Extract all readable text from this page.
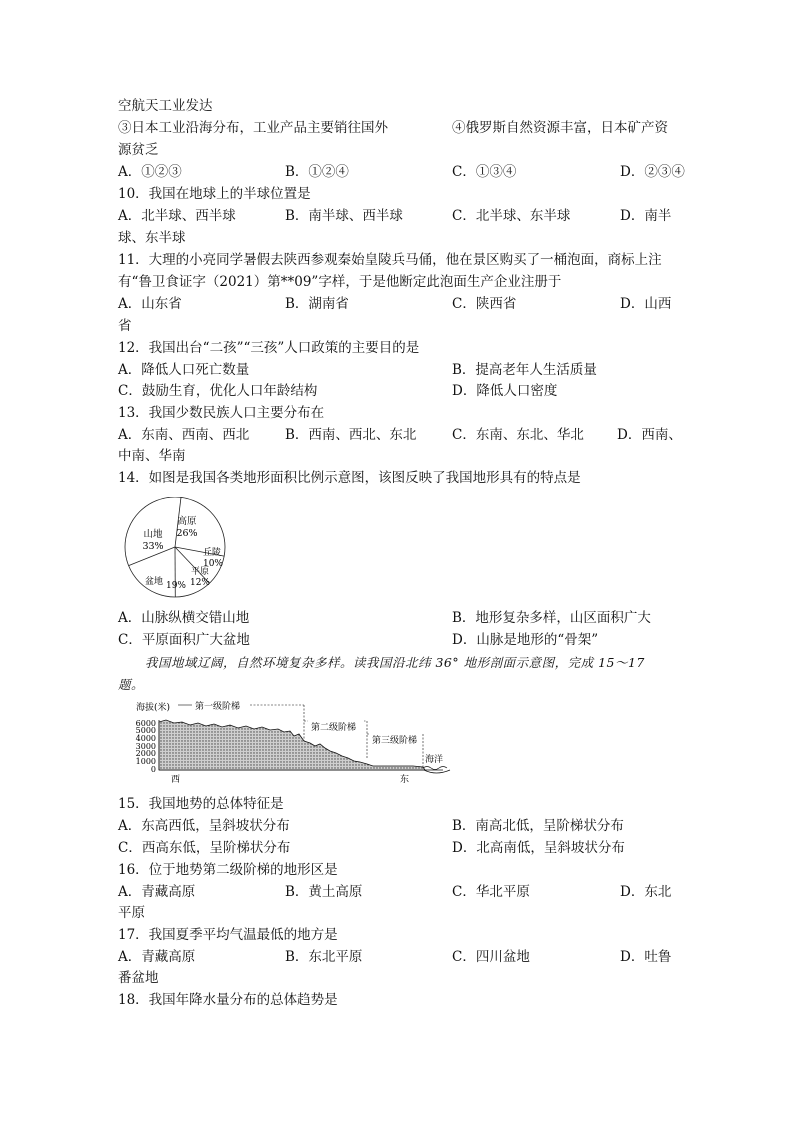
空航天工业发达
③日本工业沿海分布，工业产品主要销往国外	④俄罗斯自然资源丰富，日本矿产资
源贫乏
A．①②③	B．①②④	C．①③④	D．②③④
10．我国在地球上的半球位置是
A．北半球、西半球	B．南半球、西半球	C．北半球、东半球	D．南半
球、东半球
11．大理的小亮同学暑假去陕西参观秦始皇陵兵马俑，他在景区购买了一桶泡面，商标上注
有“鲁卫食证字（2021）第**09”字样，于是他断定此泡面生产企业注册于
A．山东省	B．湖南省	C．陕西省	D．山西
省
12．我国出台“二孩”“三孩”人口政策的主要目的是
A．降低人口死亡数量	B．提高老年人生活质量
C．鼓励生育，优化人口年龄结构	D．降低人口密度
13．我国少数民族人口主要分布在
A．东南、西南、西北	B．西南、西北、东北	C．东南、东北、华北 D．西南、
中南、华南
14．如图是我国各类地形面积比例示意图，该图反映了我国地形具有的特点是
高原
26%
山地
33%
丘陵
10%
平原
12%
盆地 19%
A．山脉纵横交错山地	B．地形复杂多样，山区面积广大
C．平原面积广大盆地	D．山脉是地形的“骨架”
我国地域辽阔，自然环境复杂多样。读我国沿北纬 36° 地形剖面示意图，完成 15～17
题。
海拔(米)	第一级阶梯
第二级阶梯
第三级阶梯
6000
5000
4000
3000
2000
1000
0
海洋
西	东
15．我国地势的总体特征是
A．东高西低，呈斜坡状分布	B．南高北低，呈阶梯状分布
C．西高东低，呈阶梯状分布	D．北高南低，呈斜坡状分布
16．位于地势第二级阶梯的地形区是
A．青藏高原	B．黄土高原	C．华北平原	D．东北
平原
17．我国夏季平均气温最低的地方是
A．青藏高原	B．东北平原	C．四川盆地	D．吐鲁
番盆地
18．我国年降水量分布的总体趋势是
